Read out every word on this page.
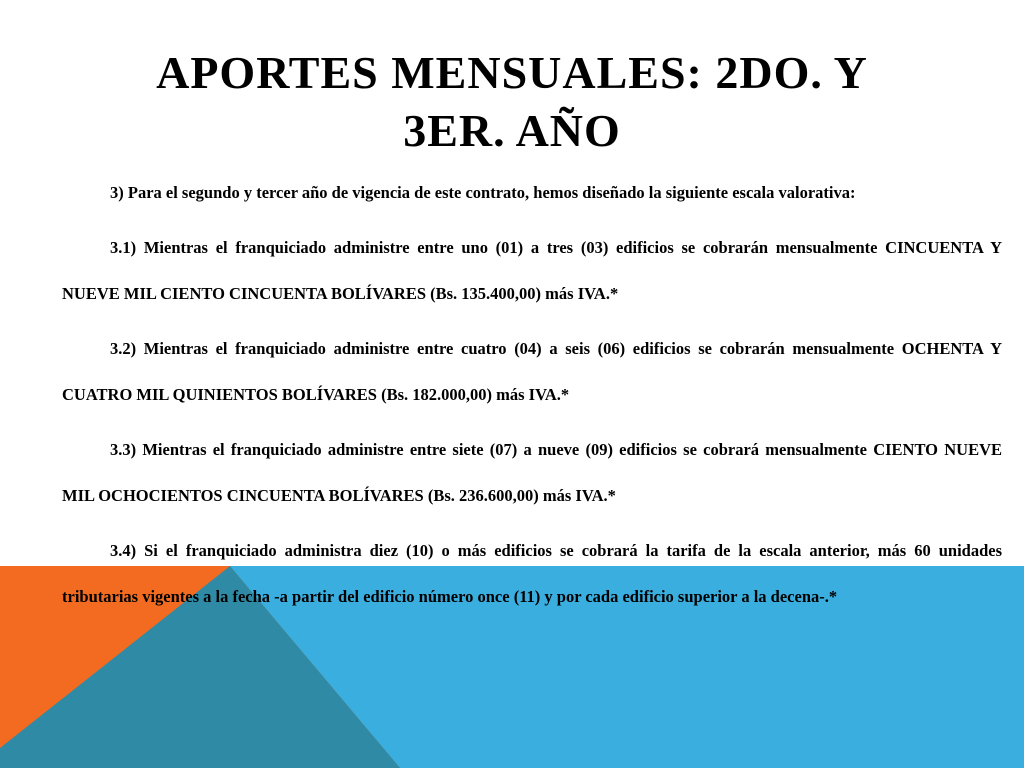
APORTES MENSUALES: 2DO. Y 3ER. AÑO

3) Para el segundo y tercer año de vigencia de este contrato, hemos diseñado la siguiente escala valorativa:

3.1) Mientras el franquiciado administre entre uno (01) a tres (03) edificios se cobrarán mensualmente CINCUENTA Y NUEVE MIL CIENTO CINCUENTA BOLÍVARES (Bs. 135.400,00) más IVA.*

3.2) Mientras el franquiciado administre entre cuatro (04) a seis (06) edificios se cobrarán mensualmente OCHENTA Y CUATRO MIL QUINIENTOS BOLÍVARES (Bs. 182.000,00) más IVA.*

3.3) Mientras el franquiciado administre entre siete (07) a nueve (09) edificios se cobrará mensualmente CIENTO NUEVE MIL OCHOCIENTOS CINCUENTA BOLÍVARES (Bs. 236.600,00) más IVA.*

3.4) Si el franquiciado administra diez (10) o más edificios se cobrará la tarifa de la escala anterior, más 60 unidades tributarias vigentes a la fecha -a partir del edificio número once (11) y por cada edificio superior a la decena-.*
